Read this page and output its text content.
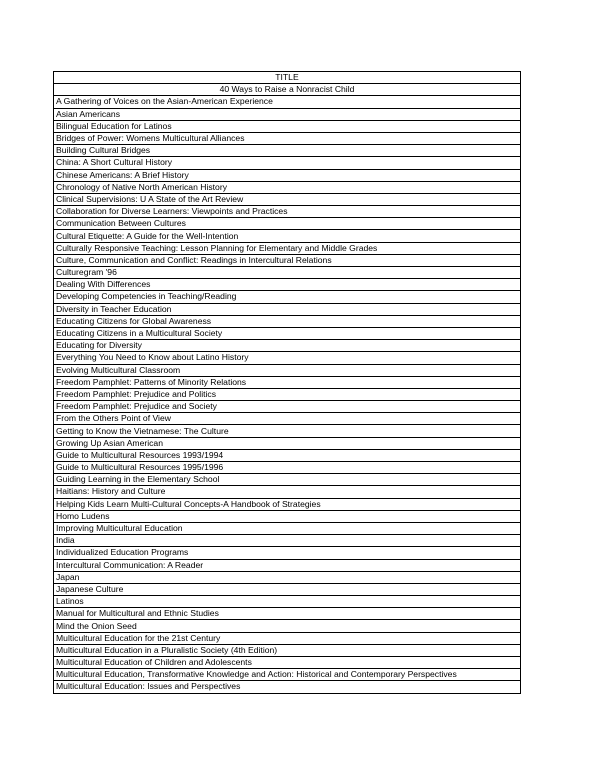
TITLE
40 Ways to Raise a Nonracist Child
A Gathering of Voices on the Asian-American Experience
Asian Americans
Bilingual Education for Latinos
Bridges of Power: Womens Multicultural Alliances
Building Cultural Bridges
China: A Short Cultural History
Chinese Americans: A Brief History
Chronology of Native North American History
Clinical Supervisions: U A State of the Art Review
Collaboration for Diverse Learners: Viewpoints and Practices
Communication Between Cultures
Cultural Etiquette: A Guide for the Well-Intention
Culturally Responsive Teaching: Lesson Planning for Elementary and Middle Grades
Culture, Communication and Conflict: Readings in Intercultural Relations
Culturegram '96
Dealing With Differences
Developing Competencies in Teaching/Reading
Diversity in Teacher Education
Educating Citizens for Global Awareness
Educating Citizens in a Multicultural Society
Educating for Diversity
Everything You Need to Know about Latino History
Evolving Multicultural Classroom
Freedom Pamphlet: Patterns of Minority Relations
Freedom Pamphlet: Prejudice and Politics
Freedom Pamphlet: Prejudice and Society
From the Others Point of View
Getting to Know the Vietnamese: The Culture
Growing Up Asian American
Guide to Multicultural Resources 1993/1994
Guide to Multicultural Resources 1995/1996
Guiding Learning in the Elementary School
Haitians: History and Culture
Helping Kids Learn Multi-Cultural Concepts-A Handbook of Strategies
Homo Ludens
Improving Multicultural Education
India
Individualized Education Programs
Intercultural Communication: A Reader
Japan
Japanese Culture
Latinos
Manual for Multicultural and Ethnic Studies
Mind the Onion Seed
Multicultural Education for the 21st Century
Multicultural Education in a Pluralistic Society (4th Edition)
Multicultural Education of Children and Adolescents
Multicultural Education, Transformative Knowledge and Action: Historical and Contemporary Perspectives
Multicultural Education: Issues and Perspectives
